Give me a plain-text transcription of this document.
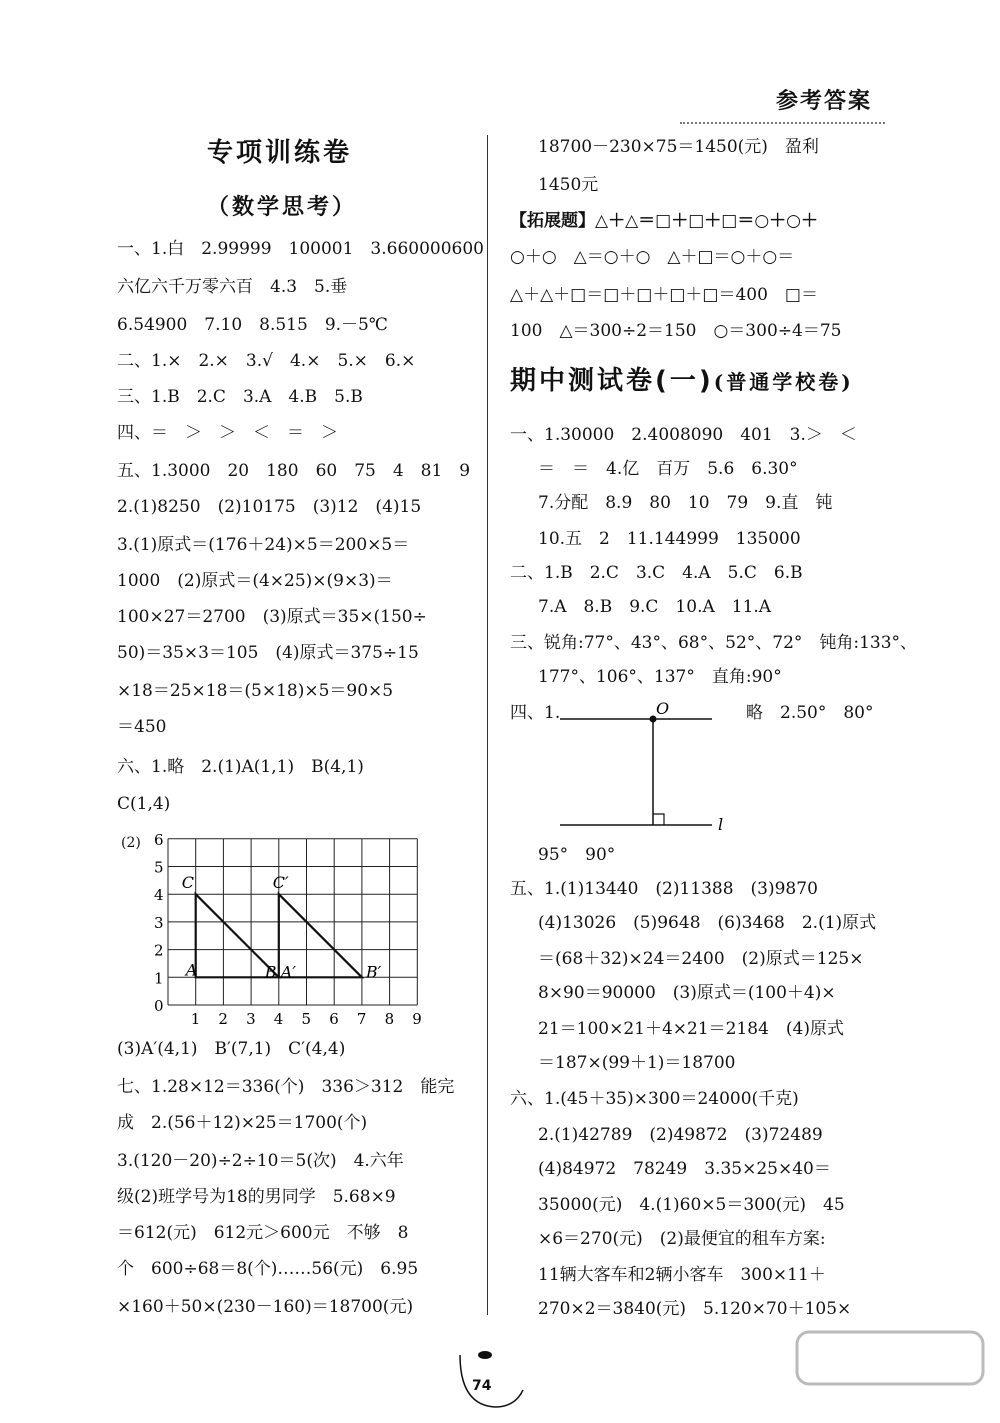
参考答案
专项训练卷
（数学思考）
一、1.白　2.99999　100001　3.660000600
六亿六千万零六百　4.3　5.垂
6.54900　7.10　8.515　9.－5℃
二、1.×　2.×　3.√　4.×　5.×　6.×
三、1.B　2.C　3.A　4.B　5.B
四、＝　＞　＞　＜　＝　＞
五、1.3000　20　180　60　75　4　81　9
2.(1)8250　(2)10175　(3)12　(4)15
3.(1)原式＝(176＋24)×5＝200×5＝
1000　(2)原式＝(4×25)×(9×3)＝
100×27＝2700　(3)原式＝35×(150÷
50)＝35×3＝105　(4)原式＝375÷15
×18＝25×18＝(5×18)×5＝90×5
＝450
六、1.略　2.(1)A(1,1)　B(4,1)
C(1,4)
(2)
(3)A′(4,1)　B′(7,1)　C′(4,4)
七、1.28×12＝336(个)　336＞312　能完
成　2.(56＋12)×25＝1700(个)
3.(120－20)÷2÷10＝5(次)　4.六年
级(2)班学号为18的男同学　5.68×9
＝612(元)　612元＞600元　不够　8
个　600÷68＝8(个)……56(元)　6.95
×160＋50×(230－160)＝18700(元)
0
1
2
3
4
5
6
1 2 3 4 5 6 7 8 9
A	B
C
A′	B′
C′
18700－230×75＝1450(元)　盈利
1450元
【拓展题】△＋△＝□＋□＋□＝○＋○＋
○＋○　△＝○＋○　△＋□＝○＋○＝
△＋△＋□＝□＋□＋□＋□＝400　□＝
100　△＝300÷2＝150　○＝300÷4＝75
期中测试卷(一)(普通学校卷)
一、1.30000　2.4008090　401　3.＞　＜
＝　＝　4.亿　百万　5.6　6.30°
7.分配　8.9　80　10　79　9.直　钝
10.五　2　11.144999　135000
二、1.B　2.C　3.C　4.A　5.C　6.B
7.A　8.B　9.C　10.A　11.A
三、锐角:77°、43°、68°、52°、72°　钝角:133°、
177°、106°、137°　直角:90°
四、1.	略　2.50°　80°
95°　90°
五、1.(1)13440　(2)11388　(3)9870
(4)13026　(5)9648　(6)3468　2.(1)原式
＝(68＋32)×24＝2400　(2)原式＝125×
8×90＝90000　(3)原式＝(100＋4)×
21＝100×21＋4×21＝2184　(4)原式
＝187×(99＋1)＝18700
六、1.(45＋35)×300＝24000(千克)
2.(1)42789　(2)49872　(3)72489
(4)84972　78249　3.35×25×40＝
35000(元)　4.(1)60×5＝300(元)　45
×6＝270(元)　(2)最便宜的租车方案:
11辆大客车和2辆小客车　300×11＋
270×2＝3840(元)　5.120×70＋105×
O
l
74
